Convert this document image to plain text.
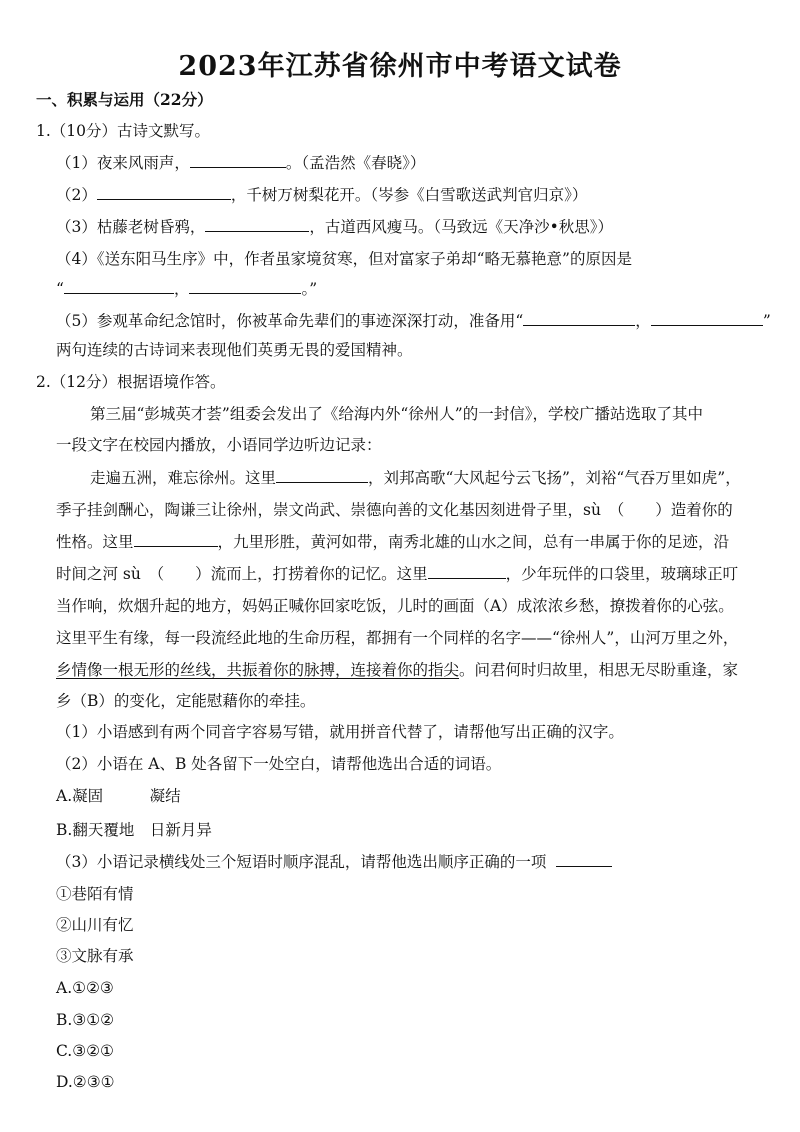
2023年江苏省徐州市中考语文试卷
一、积累与运用（22分）
1.（10分）古诗文默写。
（1）夜来风雨声，	。（孟浩然《春晓》）
（2）	，千树万树梨花开。（岑参《白雪歌送武判官归京》）
（3）枯藤老树昏鸦，	，古道西风瘦马。（马致远《天净沙•秋思》）
（4）《送东阳马生序》中，作者虽家境贫寒，但对富家子弟却“略无慕艳意”的原因是
“	，	。”
（5）参观革命纪念馆时，你被革命先辈们的事迹深深打动，准备用“	，	”
两句连续的古诗词来表现他们英勇无畏的爱国精神。
2.（12分）根据语境作答。
第三届“彭城英才荟”组委会发出了《给海内外“徐州人”的一封信》，学校广播站选取了其中
一段文字在校园内播放，小语同学边听边记录：
走遍五洲，难忘徐州。这里	，刘邦高歌“大风起兮云飞扬”，刘裕“气吞万里如虎”，
季子挂剑酬心，陶谦三让徐州，崇文尚武、崇德向善的文化基因刻进骨子里，sù　（　　）造着你的
性格。这里	，九里形胜，黄河如带，南秀北雄的山水之间，总有一串属于你的足迹，沿
时间之河 sù　（　　）流而上，打捞着你的记忆。这里	，少年玩伴的口袋里，玻璃球正叮
当作响，炊烟升起的地方，妈妈正喊你回家吃饭，儿时的画面（A）成浓浓乡愁，撩拨着你的心弦。
这里平生有缘，每一段流经此地的生命历程，都拥有一个同样的名字——“徐州人”，山河万里之外，
乡情像一根无形的丝线，共振着你的脉搏，连接着你的指尖。问君何时归故里，相思无尽盼重逢，家
乡（B）的变化，定能慰藉你的牵挂。
（1）小语感到有两个同音字容易写错，就用拼音代替了，请帮他写出正确的汉字。
（2）小语在 A、B 处各留下一处空白，请帮他选出合适的词语。
A.凝固　　　凝结
B.翻天覆地　日新月异
（3）小语记录横线处三个短语时顺序混乱，请帮他选出顺序正确的一项
①巷陌有情
②山川有忆
③文脉有承
A.①②③
B.③①②
C.③②①
D.②③①
